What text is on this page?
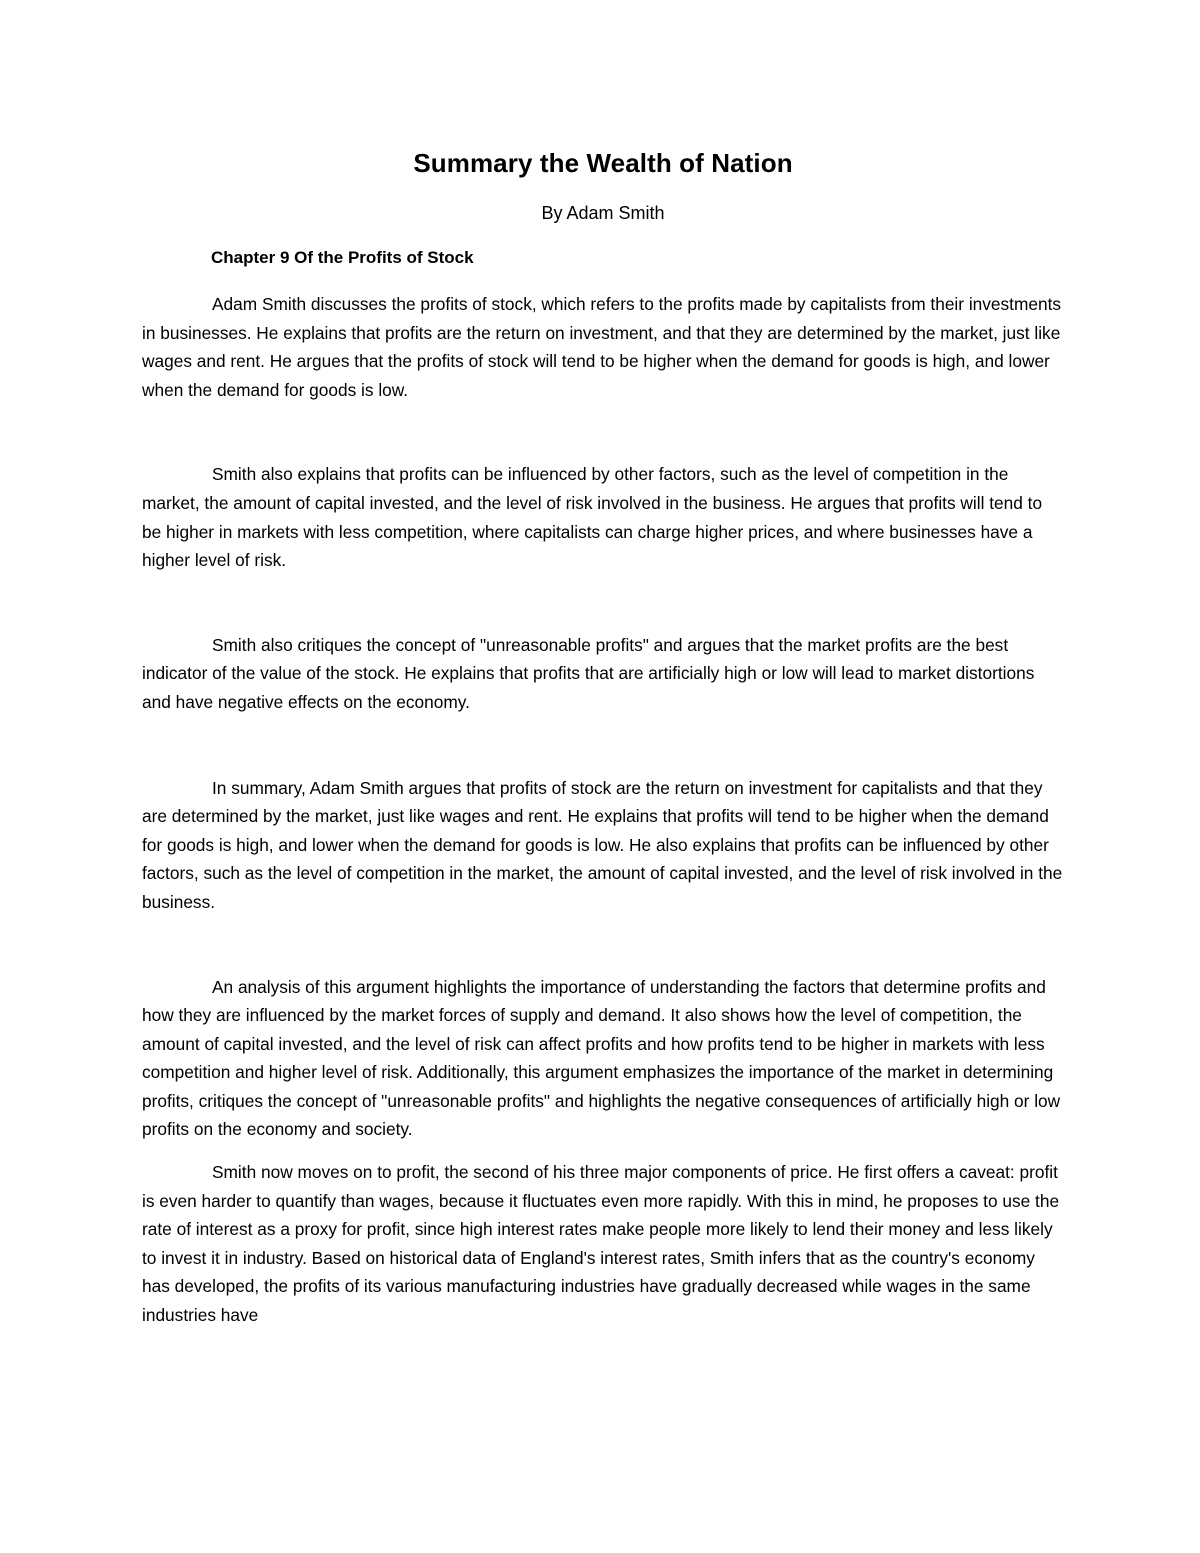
Summary the Wealth of Nation

By Adam Smith

Chapter 9 Of the Profits of Stock

Adam Smith discusses the profits of stock, which refers to the profits made by capitalists from their investments in businesses. He explains that profits are the return on investment, and that they are determined by the market, just like wages and rent. He argues that the profits of stock will tend to be higher when the demand for goods is high, and lower when the demand for goods is low.

Smith also explains that profits can be influenced by other factors, such as the level of competition in the market, the amount of capital invested, and the level of risk involved in the business. He argues that profits will tend to be higher in markets with less competition, where capitalists can charge higher prices, and where businesses have a higher level of risk.

Smith also critiques the concept of "unreasonable profits" and argues that the market profits are the best indicator of the value of the stock. He explains that profits that are artificially high or low will lead to market distortions and have negative effects on the economy.

In summary, Adam Smith argues that profits of stock are the return on investment for capitalists and that they are determined by the market, just like wages and rent. He explains that profits will tend to be higher when the demand for goods is high, and lower when the demand for goods is low. He also explains that profits can be influenced by other factors, such as the level of competition in the market, the amount of capital invested, and the level of risk involved in the business.

An analysis of this argument highlights the importance of understanding the factors that determine profits and how they are influenced by the market forces of supply and demand. It also shows how the level of competition, the amount of capital invested, and the level of risk can affect profits and how profits tend to be higher in markets with less competition and higher level of risk. Additionally, this argument emphasizes the importance of the market in determining profits, critiques the concept of "unreasonable profits" and highlights the negative consequences of artificially high or low profits on the economy and society.

Smith now moves on to profit, the second of his three major components of price. He first offers a caveat: profit is even harder to quantify than wages, because it fluctuates even more rapidly. With this in mind, he proposes to use the rate of interest as a proxy for profit, since high interest rates make people more likely to lend their money and less likely to invest it in industry. Based on historical data of England's interest rates, Smith infers that as the country's economy has developed, the profits of its various manufacturing industries have gradually decreased while wages in the same industries have
